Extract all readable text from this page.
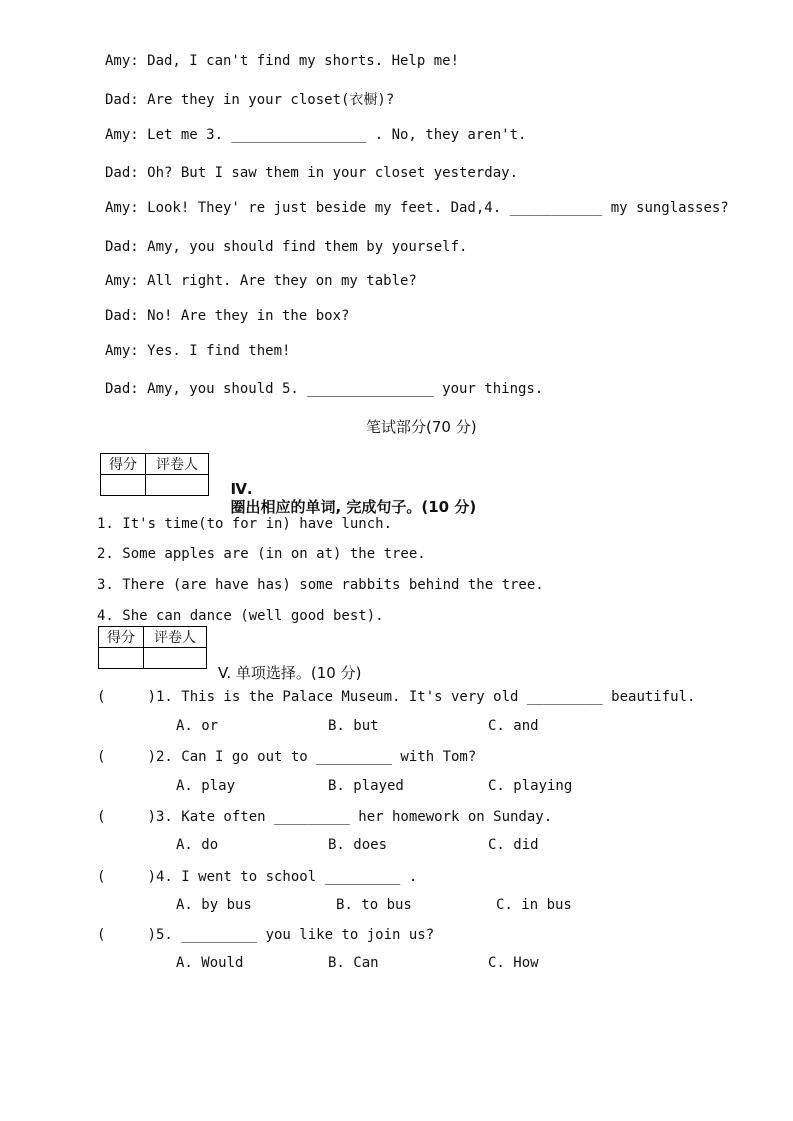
Amy: Dad, I can't find my shorts. Help me!
Dad: Are they in your closet(衣橱)?
Amy: Let me 3. ________________ . No, they aren't.
Dad: Oh? But I saw them in your closet yesterday.
Amy: Look! They' re just beside my feet. Dad,4. ___________ my sunglasses?
Dad: Amy, you should find them by yourself.
Amy: All right. Are they on my table?
Dad: No! Are they in the box?
Amy: Yes. I find them!
Dad: Amy, you should 5. _______________ your things.
笔试部分(70 分)
得分	评卷人

Ⅳ.
圈出相应的单词, 完成句子。(10 分)

1. It's time(to for in) have lunch.
2. Some apples are (in on at) the tree.
3. There (are have has) some rabbits behind the tree.
4. She can dance (well good best).
得分	评卷人

V. 单项选择。(10 分)
(     )1. This is the Palace Museum. It's very old _________ beautiful.
A. or	B. but	C. and
(     )2. Can I go out to _________ with Tom?
A. play	B. played	C. playing
(     )3. Kate often _________ her homework on Sunday.
A. do	B. does	C. did
(     )4. I went to school _________ .
A. by bus	B. to bus	C. in bus
(     )5. _________ you like to join us?
A. Would	B. Can	C. How
